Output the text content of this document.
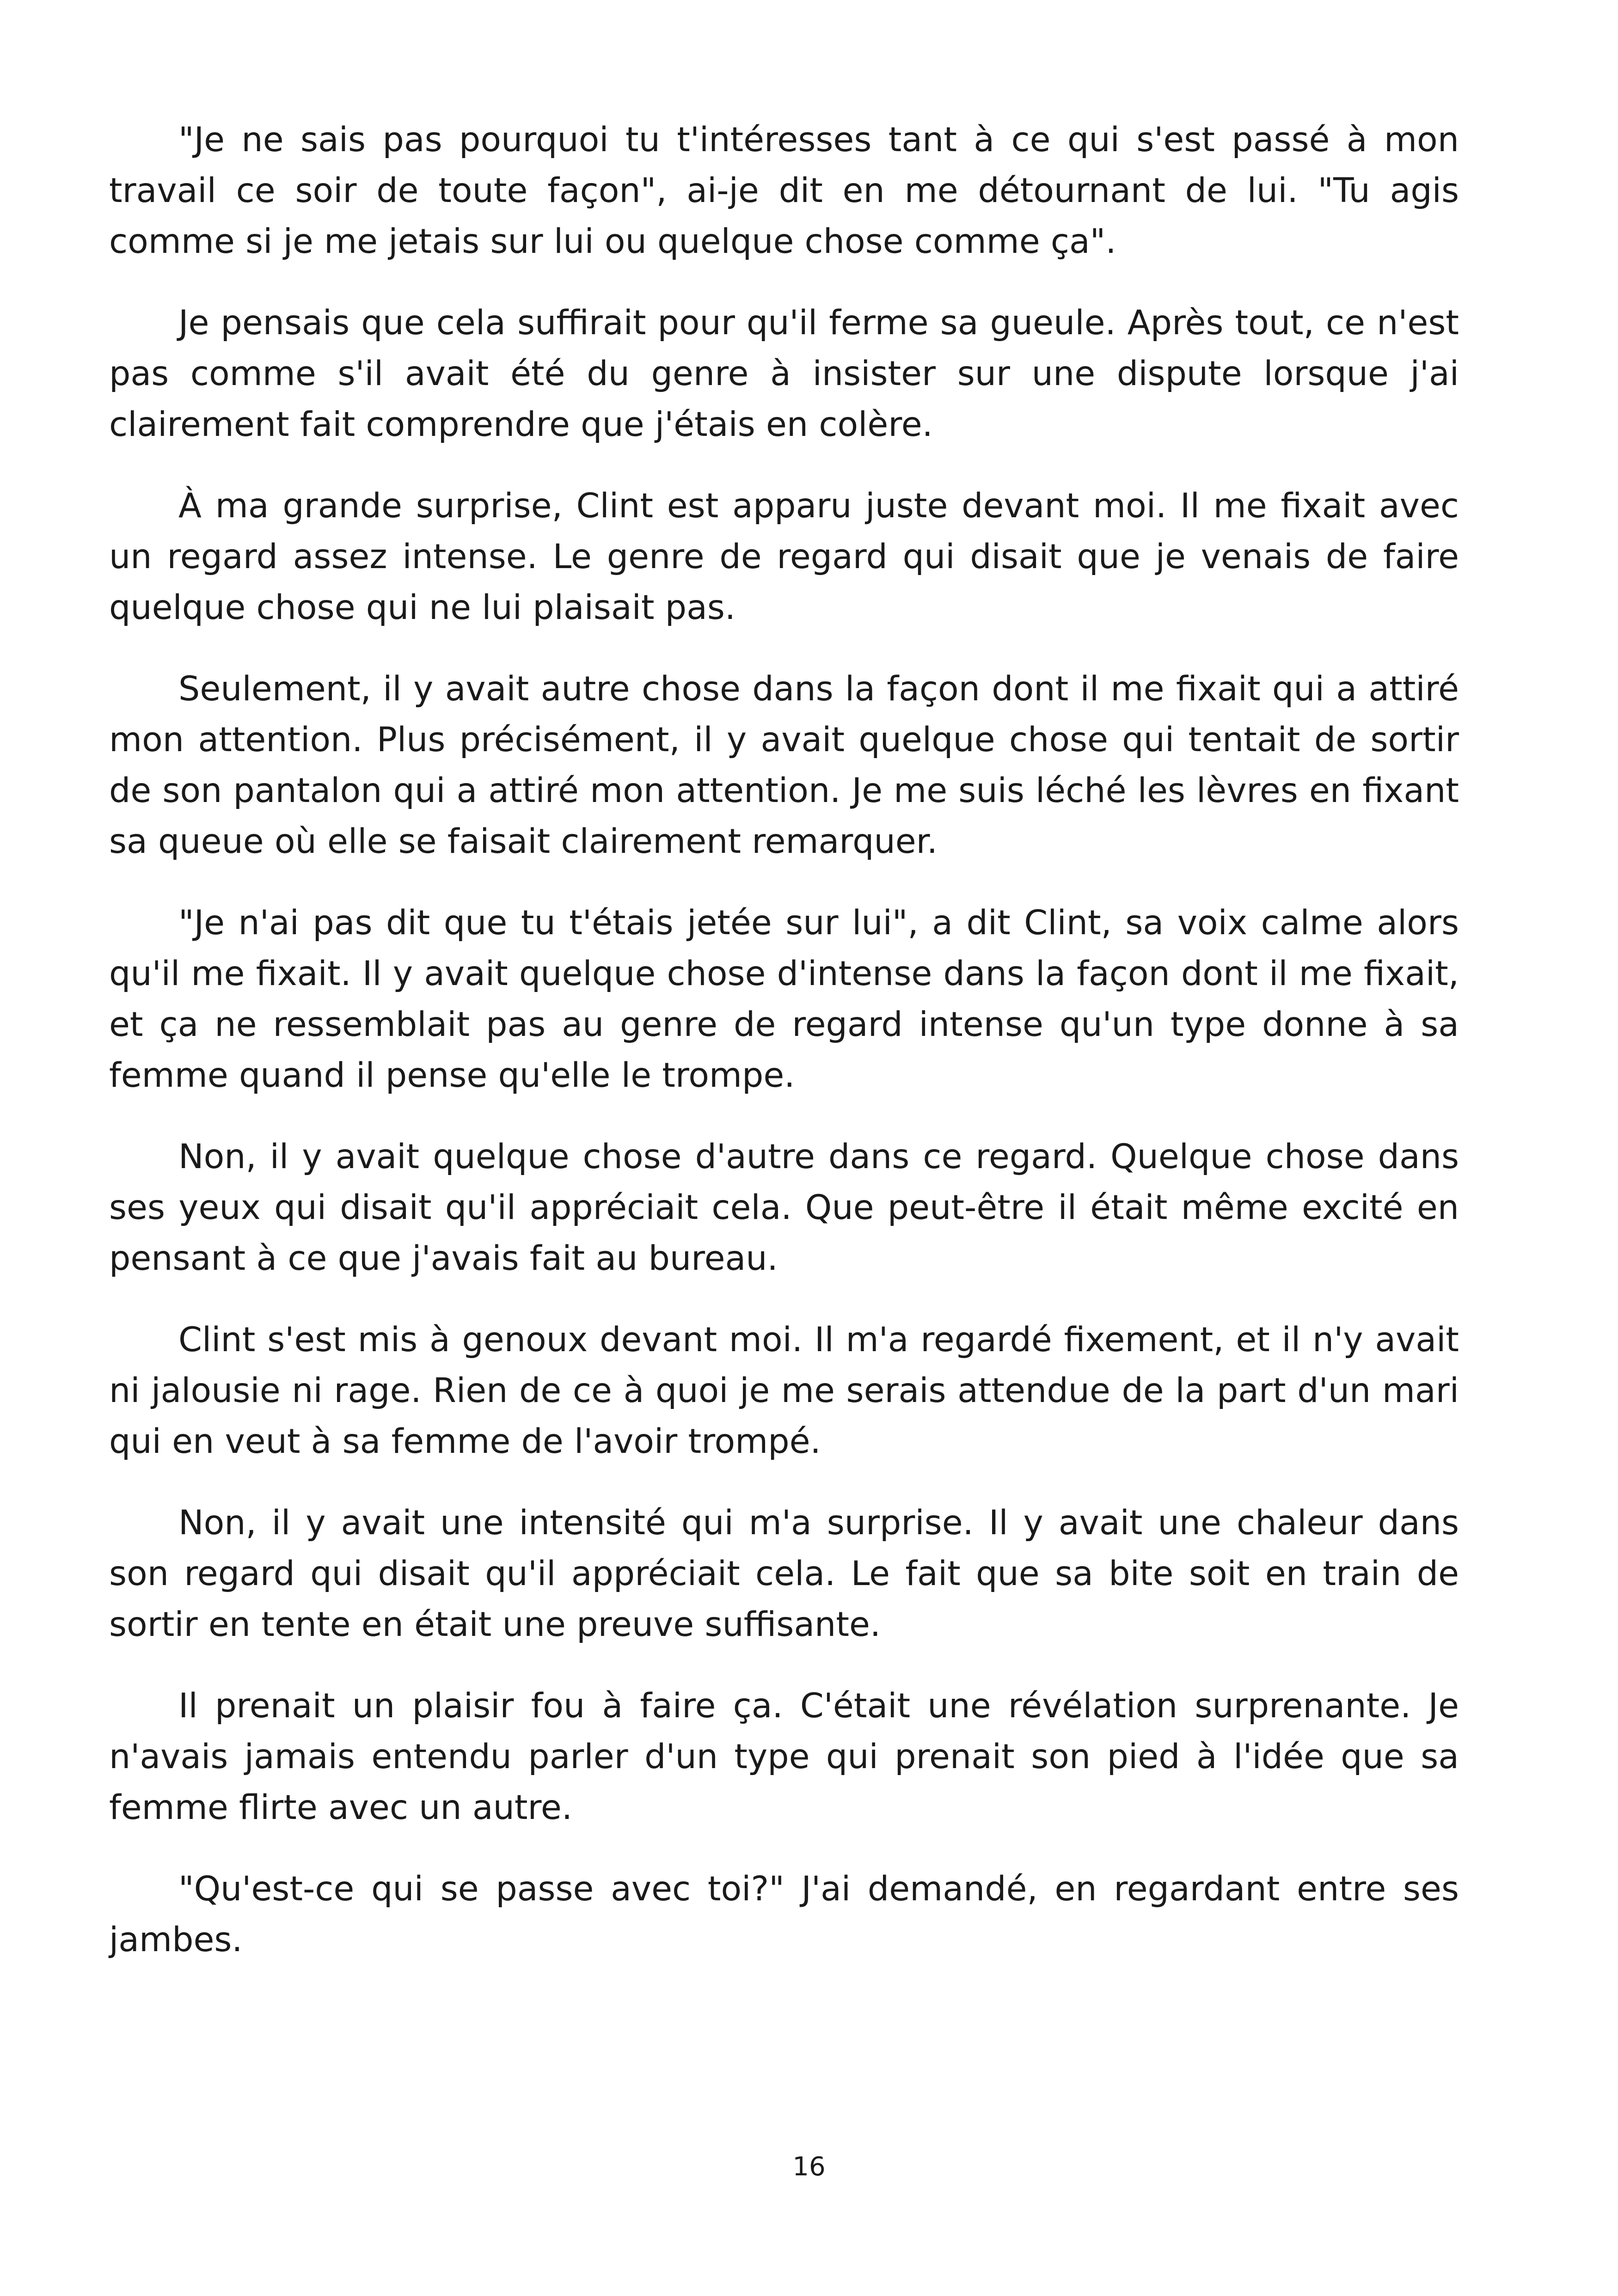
"Je ne sais pas pourquoi tu t'intéresses tant à ce qui s'est passé à mon travail ce soir de toute façon", ai-je dit en me détournant de lui. "Tu agis comme si je me jetais sur lui ou quelque chose comme ça".

Je pensais que cela suffirait pour qu'il ferme sa gueule. Après tout, ce n'est pas comme s'il avait été du genre à insister sur une dispute lorsque j'ai clairement fait comprendre que j'étais en colère.

À ma grande surprise, Clint est apparu juste devant moi. Il me fixait avec un regard assez intense. Le genre de regard qui disait que je venais de faire quelque chose qui ne lui plaisait pas.

Seulement, il y avait autre chose dans la façon dont il me fixait qui a attiré mon attention. Plus précisément, il y avait quelque chose qui tentait de sortir de son pantalon qui a attiré mon attention. Je me suis léché les lèvres en fixant sa queue où elle se faisait clairement remarquer.

"Je n'ai pas dit que tu t'étais jetée sur lui", a dit Clint, sa voix calme alors qu'il me fixait. Il y avait quelque chose d'intense dans la façon dont il me fixait, et ça ne ressemblait pas au genre de regard intense qu'un type donne à sa femme quand il pense qu'elle le trompe.

Non, il y avait quelque chose d'autre dans ce regard. Quelque chose dans ses yeux qui disait qu'il appréciait cela. Que peut-être il était même excité en pensant à ce que j'avais fait au bureau.

Clint s'est mis à genoux devant moi. Il m'a regardé fixement, et il n'y avait ni jalousie ni rage. Rien de ce à quoi je me serais attendue de la part d'un mari qui en veut à sa femme de l'avoir trompé.

Non, il y avait une intensité qui m'a surprise. Il y avait une chaleur dans son regard qui disait qu'il appréciait cela. Le fait que sa bite soit en train de sortir en tente en était une preuve suffisante.

Il prenait un plaisir fou à faire ça. C'était une révélation surprenante. Je n'avais jamais entendu parler d'un type qui prenait son pied à l'idée que sa femme flirte avec un autre.

"Qu'est-ce qui se passe avec toi?" J'ai demandé, en regardant entre ses jambes.

16
